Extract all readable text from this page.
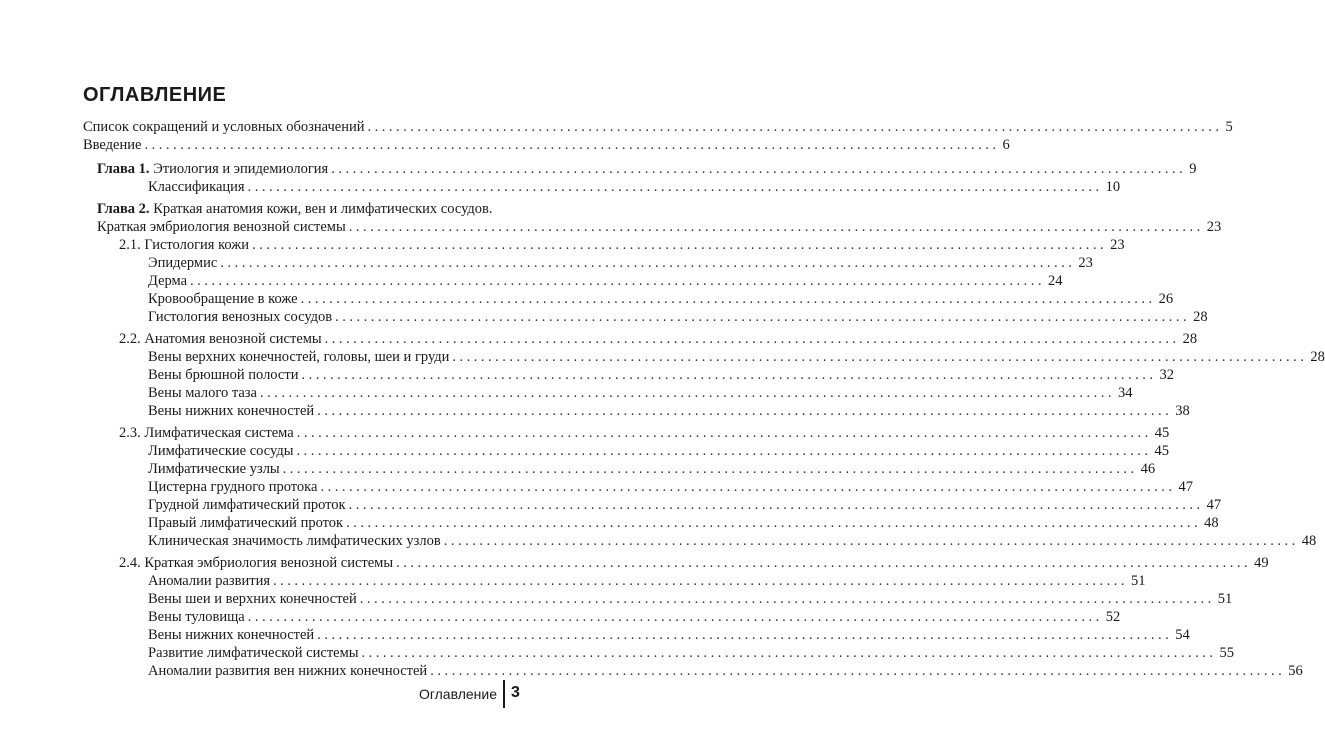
ОГЛАВЛЕНИЕ
Список сокращений и условных обозначений ........................................................................................................................ 5
Введение ........................................................................................................................ 6
Глава 1. Этиология и эпидемиология ........................................................................................................................ 9
Классификация ........................................................................................................................ 10
Глава 2. Краткая анатомия кожи, вен и лимфатических сосудов.
Краткая эмбриология венозной системы ........................................................................................................................ 23
2.1. Гистология кожи ........................................................................................................................ 23
Эпидермис ........................................................................................................................ 23
Дерма ........................................................................................................................ 24
Кровообращение в коже ........................................................................................................................ 26
Гистология венозных сосудов ........................................................................................................................ 28
2.2. Анатомия венозной системы ........................................................................................................................ 28
Вены верхних конечностей, головы, шеи и груди ........................................................................................................................ 28
Вены брюшной полости ........................................................................................................................ 32
Вены малого таза ........................................................................................................................ 34
Вены нижних конечностей ........................................................................................................................ 38
2.3. Лимфатическая система ........................................................................................................................ 45
Лимфатические сосуды ........................................................................................................................ 45
Лимфатические узлы ........................................................................................................................ 46
Цистерна грудного протока ........................................................................................................................ 47
Грудной лимфатический проток ........................................................................................................................ 47
Правый лимфатический проток ........................................................................................................................ 48
Клиническая значимость лимфатических узлов ........................................................................................................................ 48
2.4. Краткая эмбриология венозной системы ........................................................................................................................ 49
Аномалии развития ........................................................................................................................ 51
Вены шеи и верхних конечностей ........................................................................................................................ 51
Вены туловища ........................................................................................................................ 52
Вены нижних конечностей ........................................................................................................................ 54
Развитие лимфатической системы ........................................................................................................................ 55
Аномалии развития вен нижних конечностей ........................................................................................................................ 56
Оглавление 3
